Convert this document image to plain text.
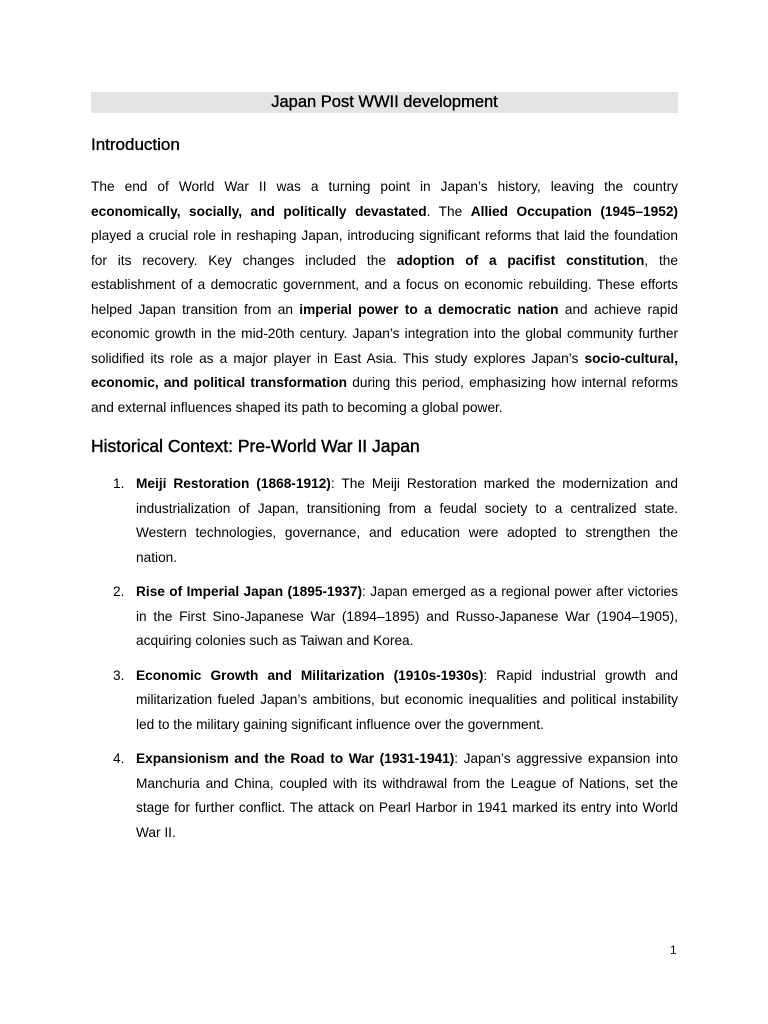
Japan Post WWII development
Introduction

The end of World War II was a turning point in Japan’s history, leaving the country economically, socially, and politically devastated. The Allied Occupation (1945–1952) played a crucial role in reshaping Japan, introducing significant reforms that laid the foundation for its recovery. Key changes included the adoption of a pacifist constitution, the establishment of a democratic government, and a focus on economic rebuilding. These efforts helped Japan transition from an imperial power to a democratic nation and achieve rapid economic growth in the mid-20th century. Japan’s integration into the global community further solidified its role as a major player in East Asia. This study explores Japan’s socio-cultural, economic, and political transformation during this period, emphasizing how internal reforms and external influences shaped its path to becoming a global power.

Historical Context: Pre-World War II Japan
1. Meiji Restoration (1868-1912): The Meiji Restoration marked the modernization and industrialization of Japan, transitioning from a feudal society to a centralized state. Western technologies, governance, and education were adopted to strengthen the nation.
2. Rise of Imperial Japan (1895-1937): Japan emerged as a regional power after victories in the First Sino-Japanese War (1894–1895) and Russo-Japanese War (1904–1905), acquiring colonies such as Taiwan and Korea.
3. Economic Growth and Militarization (1910s-1930s): Rapid industrial growth and militarization fueled Japan’s ambitions, but economic inequalities and political instability led to the military gaining significant influence over the government.
4. Expansionism and the Road to War (1931-1941): Japan’s aggressive expansion into Manchuria and China, coupled with its withdrawal from the League of Nations, set the stage for further conflict. The attack on Pearl Harbor in 1941 marked its entry into World War II.
1
